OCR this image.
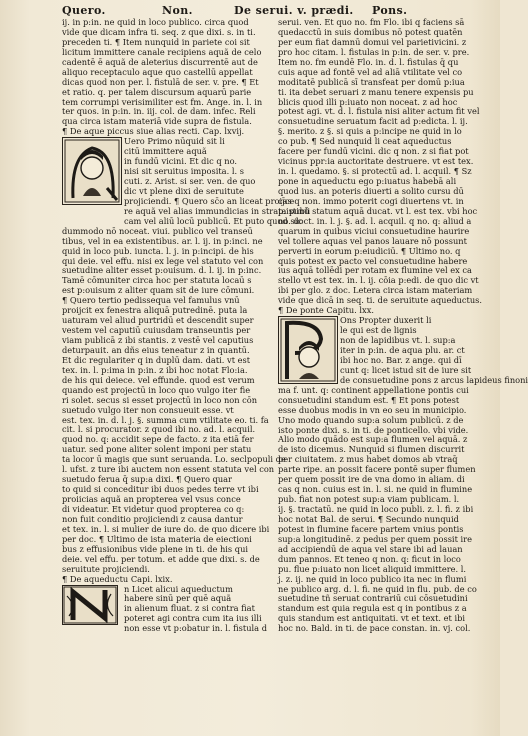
Quero.	Non.	De serui. v. prædi. Pons.
ij. in p:in. ne quid in loco publico. circa quod
vide que dicam infra ti. seq. z que dixi. s. in ti.
preceden ti. ¶ Item nunquid in pariete coi sit
licitum immittere canale recipiens aquã de celo
cadentē ē aquã de aleterius discurrentē aut de
aliquo receptaculo aque quo castellū appellat
dicas quod non per. l. fistulā de ser. v. pre. ¶ Et
et ratio. q. per talem discursum aquarū parie
tem corrumpi verisimiliter est fm. Ange. in. l. in
ter quos. in p:in. in. iij. col. de dam. infec. Reli
qua circa istam materiā vide supra de fistula.
¶ De aque piccus siue alias recti. Cap. lxvij.
Uero Primo nūquid sit li
citū immittere aquã
in fundū vicini. Et dic q no.
nisi sit seruitus imposita. l. s
cuti. z. Arist. si ser. ven. de quo
dic vt plene dixi de seruitute
projiciendi. ¶ Quero sc̄o an liceat proij̄ce
re aquã vel alias immundicias in strata publi
cam vel aliū locū publicū. Et puto quod sic
dummodo nō noceat. viui. publico vel transeū
tibus, vel in ea existentibus. ar. l. ij. in p:inci. ne
quid in loco pub. iuncta. l. j. in p:incipi. de his
qui deie. vel effu. nisi ex lege vel statuto vel con
suetudine aliter esset p:ouisum. d. l. ij. in p:inc.
Tamē cōmuniter circa hoc per statuta locaū s
est p:ouisum z aliter quam sit de iure cōmuni.
¶ Quero tertio pedissequa vel famulus vnū
proijcit ex fenestra aliquā putredinē. puta la
uaturam vel aliud purtridū et descendit super
vestem vel caputiū cuiusdam transeuntis per
viam publicā z ibi stantis. z vestē vel caputius
deturpauit. an dñs eius teneatur z in quantū.
Et dic regulariter q in duplū dam. dati. vt est
tex. in. l. p:ima in p:in. z ibi hoc notat Flo:ia.
de his qui deiece. vel effunde. quod est verum
quando est projectū in loco quo vulgo iter fie
ri solet. secus si esset projectū in loco non cōn
suetudo vulgo iter non consueuit esse. vt
est. tex. in. d. l. j. §. summa cum vtilitate eo. ti. fa
cit. l. si procurator. z quod ibi no. ad. l. acquil.
quod no. q: accidit sepe de facto. z ita etiā fer
uatur. sed pone aliter solent imponi per statu
ta locor ū magis que sunt seruanda. Lo. seclpopuli de
l. ufst. z ture ibi auctem non essent statuta vel con
suetudo ferua q̄ sup:a dixi. ¶ Quero quar
to quid si conceditur ibi duos pedes terre vt ibi
proiicias aquã an propterea vel vsus conce
di videatur. Et videtur quod propterea co q:
non fuit conditio projiciendi z causa dantur
et tex. in. l. si mulier de iure do. de quo dicere ibi
per doc. ¶ Ultimo de ista materia de eiectioni
bus z effusionibus vide plene in ti. de his qui
deie. vel effu. per totum. et adde que dixi. s. de
seruitute projiciendi.
¶ De aqueductu Capi. lxix.
n Licet alicui aqueductum
habere sinū per quē aquã
in alienum fluat. z si contra fiat
poteret agi contra cum ita ius illi
non esse vt p:obatur in. l. fistula d
serui. ven. Et quo no. fm Flo. ibi q faciens sā
quedacctū in suis domibus nō potest quatēn
per eum fiat damnū domui vel parietivicini. z
pro hoc citam. l. fistulas in p:in. de ser. v. pre.
Item no. fm eundē Flo. in. d. l. fistulas q̄ qu
cuis aque ad fontē vel ad aliā vtilitate vel co
moditatē publicā sī transfeat per domū p:iua
ti. ita debet seruari z manu tenere expensis pu
blicis quod illi p:iuato non noceat. z ad hoc
potest agi. vt. d. l. fistula nisi aliter actum fit vel
consuetudine seruatum facit ad p:edicta. l. ij.
§. merito. z §. si quis a p:incipe ne quid in lo
co pub. ¶ Sed nunquid li ceat aqueductus
facere per fundū vicini. dic q non. z si fiat pot
vicinus ppr:ia auctoritate destruere. vt est tex.
in. l. quedamo. §. si protectū ad. l. acquil. ¶ Sz
pone in aqueductu ego p:iuatus habebā ali
quod ius. an poteris diuerti a solito cursu dū
cas q non. immo poterit cogi diuertens vt. in
p:istinū statum aquā ducat. vt l. est tex. vbi hoc
no. doct. in. l. j. §. ad. l. acquil. q no. q: aliud a
quarum in quibus viciui consuetudine haurire
vel tollere aquas vel panos lauare nō possunt
perverti in eorum p:eiudiciū. ¶ Ultimo no. q
quis potest ex pacto vel consuetudine habere
ius aquā tollēdi per rotam ex flumine vel ex ca
stello vt est tex. in. l. ij. cōia p:edi. de quo dic vt
ibi per glo. z doc. Letera circa istam materiam
vide que dicā in seq. ti. de seruitute aqueductus.
¶ De ponte Capitu. lxx.
Ons Propter duxerit li
le qui est de lignis
non de lapidibus vt. l. sup:a
iter in p:in. de aqua plu. ar. ct
ibi hoc no. Bar. z ange. qui dī
cunt q: licet istud sit de iure sit
de consuetudine pons z arcus lapideus finoni
ma f. unt. q: continent appellatione pontis cui
consuetudini standum est. ¶ Et pons potest
esse duobus modis in vn eo seu in municipio.
Uno modo quando sup:a solum publicū. z de
isto ponte dixi. s. in ti. de ponticello. vbi vide.
Alio modo quādo est sup:a flumen vel aquā. z
de isto dicemus. Nunquid si flumen discurrit
per ciuitatem. z mus habet domos ab vtraq̄
parte ripe. an possit facere pontē super flumen
per quem possit ire de vna domo in aliam. di
cas q non. cuius est in. l. si. ne quid in flumine
pub. fiat non potest sup:a viam publicam. l.
ij. §. tractatū. ne quid in loco publi. z. l. fi. z ibi
hoc notat Bal. de serui. ¶ Secundo nunquid
potest in flumine facere partem vnius pontis
sup:a longitudinē. z pedus per quem possit ire
ad accipiendū de aqua vel stare ibi ad lauan
dum pannos. Et teneo q non. q: ficut in loco
pu. flue p:iuato non licet aliquid immittere. l.
j. z. ij. ne quid in loco publico ita nec in flumi
ne publico arg. d. l. fi. ne quid in flu. pub. de co
suetudine tñ seruat contrariū cui cōsuetudini
standum est quia regula est q in pontibus z a
quis standum est antiquitati. vt et text. et ibi
hoc no. Bald. in ti. de pace constan. in. vj. col.
